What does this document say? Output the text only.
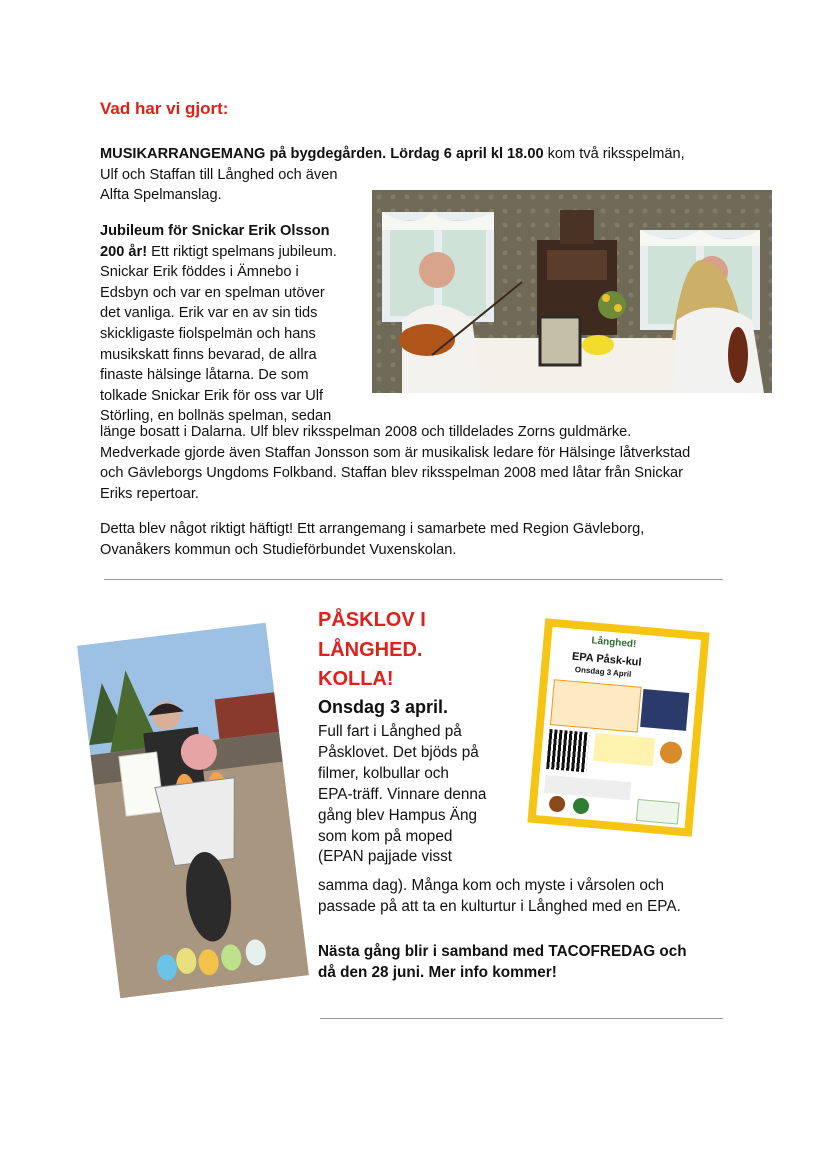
Vad har vi gjort:
MUSIKARRANGEMANG på bygdegården. Lördag 6 april kl 18.00 kom två riksspelmän,
Ulf och Staffan till Långhed och även
Alfta Spelmanslag.
Jubileum för Snickar Erik Olsson
200 år! Ett riktigt spelmans jubileum.
Snickar Erik föddes i Ämnebo i
Edsbyn och var en spelman utöver
det vanliga. Erik var en av sin tids
skickligaste fiolspelmän och hans
musikskatt finns bevarad, de allra
finaste hälsinge låtarna. De som
tolkade Snickar Erik för oss var Ulf
Störling, en bollnäs spelman, sedan
länge bosatt i Dalarna. Ulf blev riksspelman 2008 och tilldelades Zorns guldmärke.
Medverkade gjorde även Staffan Jonsson som är musikalisk ledare för Hälsinge låtverkstad
och Gävleborgs Ungdoms Folkband. Staffan blev riksspelman 2008 med låtar från Snickar
Eriks repertoar.
Detta blev något riktigt häftigt! Ett arrangemang i samarbete med Region Gävleborg,
Ovanåkers kommun och Studieförbundet Vuxenskolan.
PÅSKLOV I
LÅNGHED.
KOLLA!
Onsdag 3 april.
Full fart i Långhed på
Påsklovet. Det bjöds på
filmer, kolbullar och
EPA-träff. Vinnare denna
gång blev Hampus Äng
som kom på moped
(EPAN pajjade visst
samma dag). Många kom och myste i vårsolen och
passade på att ta en kulturtur i Långhed med en EPA.
Nästa gång blir i samband med TACOFREDAG och
då den 28 juni. Mer info kommer!
Långhed!
EPA Påsk-kul
Onsdag 3 April
